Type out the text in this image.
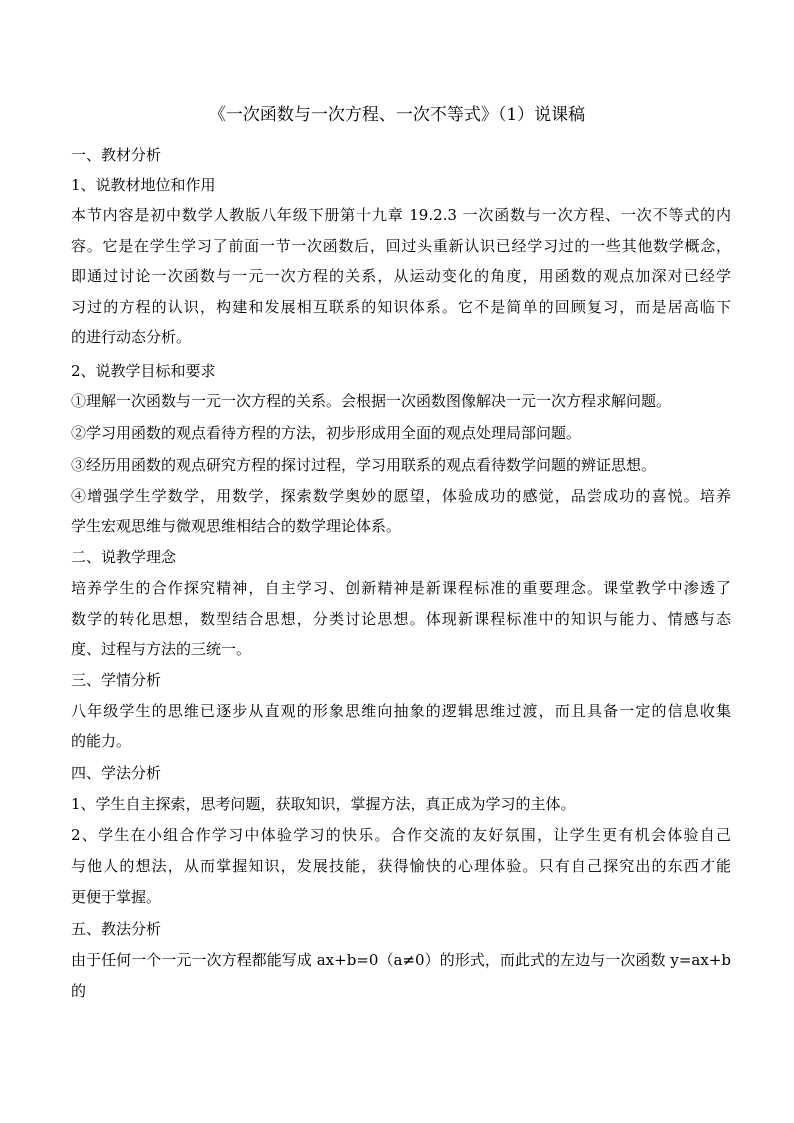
《一次函数与一次方程、一次不等式》（1）说课稿
一、教材分析
1、说教材地位和作用
本节内容是初中数学人教版八年级下册第十九章 19.2.3 一次函数与一次方程、一次不等式的内
容。它是在学生学习了前面一节一次函数后，回过头重新认识已经学习过的一些其他数学概念，
即通过讨论一次函数与一元一次方程的关系，从运动变化的角度，用函数的观点加深对已经学
习过的方程的认识，构建和发展相互联系的知识体系。它不是简单的回顾复习，而是居高临下
的进行动态分析。
2、说教学目标和要求
①理解一次函数与一元一次方程的关系。会根据一次函数图像解决一元一次方程求解问题。
②学习用函数的观点看待方程的方法，初步形成用全面的观点处理局部问题。
③经历用函数的观点研究方程的探讨过程，学习用联系的观点看待数学问题的辨证思想。
④增强学生学数学，用数学，探索数学奥妙的愿望，体验成功的感觉，品尝成功的喜悦。培养
学生宏观思维与微观思维相结合的数学理论体系。
二、说教学理念
培养学生的合作探究精神，自主学习、创新精神是新课程标准的重要理念。课堂教学中渗透了
数学的转化思想，数型结合思想，分类讨论思想。体现新课程标准中的知识与能力、情感与态
度、过程与方法的三统一。
三、学情分析
八年级学生的思维已逐步从直观的形象思维向抽象的逻辑思维过渡，而且具备一定的信息收集
的能力。
四、学法分析
1、学生自主探索，思考问题，获取知识，掌握方法，真正成为学习的主体。
2、学生在小组合作学习中体验学习的快乐。合作交流的友好氛围，让学生更有机会体验自己
与他人的想法，从而掌握知识，发展技能，获得愉快的心理体验。只有自己探究出的东西才能
更便于掌握。
五、教法分析
由于任何一个一元一次方程都能写成 ax+b=0（a≠0）的形式，而此式的左边与一次函数 y=ax+b
的
